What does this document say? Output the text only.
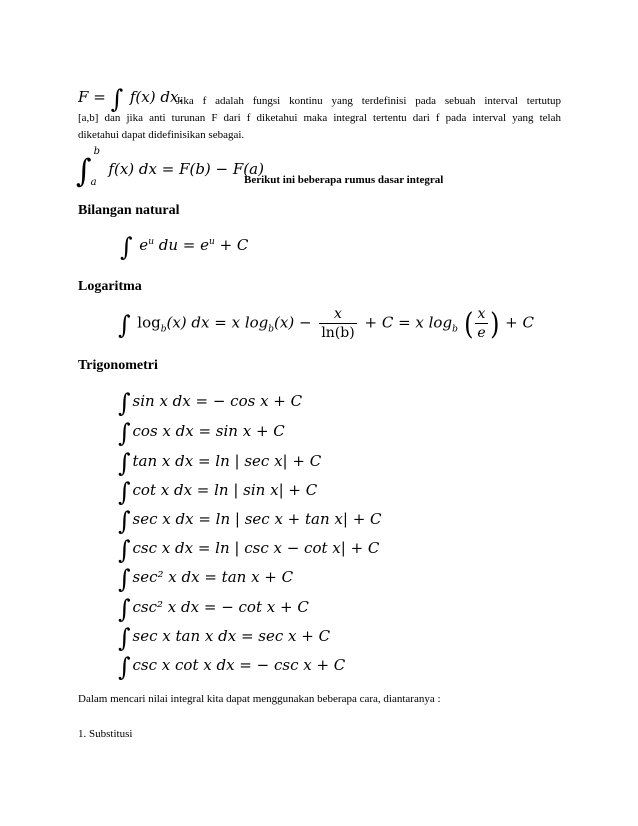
F = ∫ f(x) dx.
Jika f adalah fungsi kontinu yang terdefinisi pada sebuah interval tertutup
[a,b] dan jika anti turunan F dari f diketahui maka integral tertentu dari f pada interval yang telah
diketahui dapat didefinisikan sebagai.
∫
b
a
f(x) dx = F(b) − F(a)
Berikut ini beberapa rumus dasar integral
Bilangan natural
∫ $e^u$ du = $e^u + C$
Logaritma
∫ $\log_b(x)$ dx = x $\log_b(x) - \frac{x}{\ln(b)} + C = x$ $\log_b$ ( $\frac{x}{e}$ ) + C
Trigonometri
∫ sin x dx = − cos x + C
∫ cos x dx = sin x + C
∫ tan x dx = ln | sec x| + C
∫ cot x dx = ln | sin x| + C
∫ sec x dx = ln | sec x + tan x| + C
∫ csc x dx = ln | csc x − cot x| + C
∫ sec² x dx = tan x + C
∫ csc² x dx = − cot x + C
∫ sec x tan x dx = sec x + C
∫ csc x cot x dx = − csc x + C
Dalam mencari nilai integral kita dapat menggunakan beberapa cara, diantaranya :
1. Substitusi
